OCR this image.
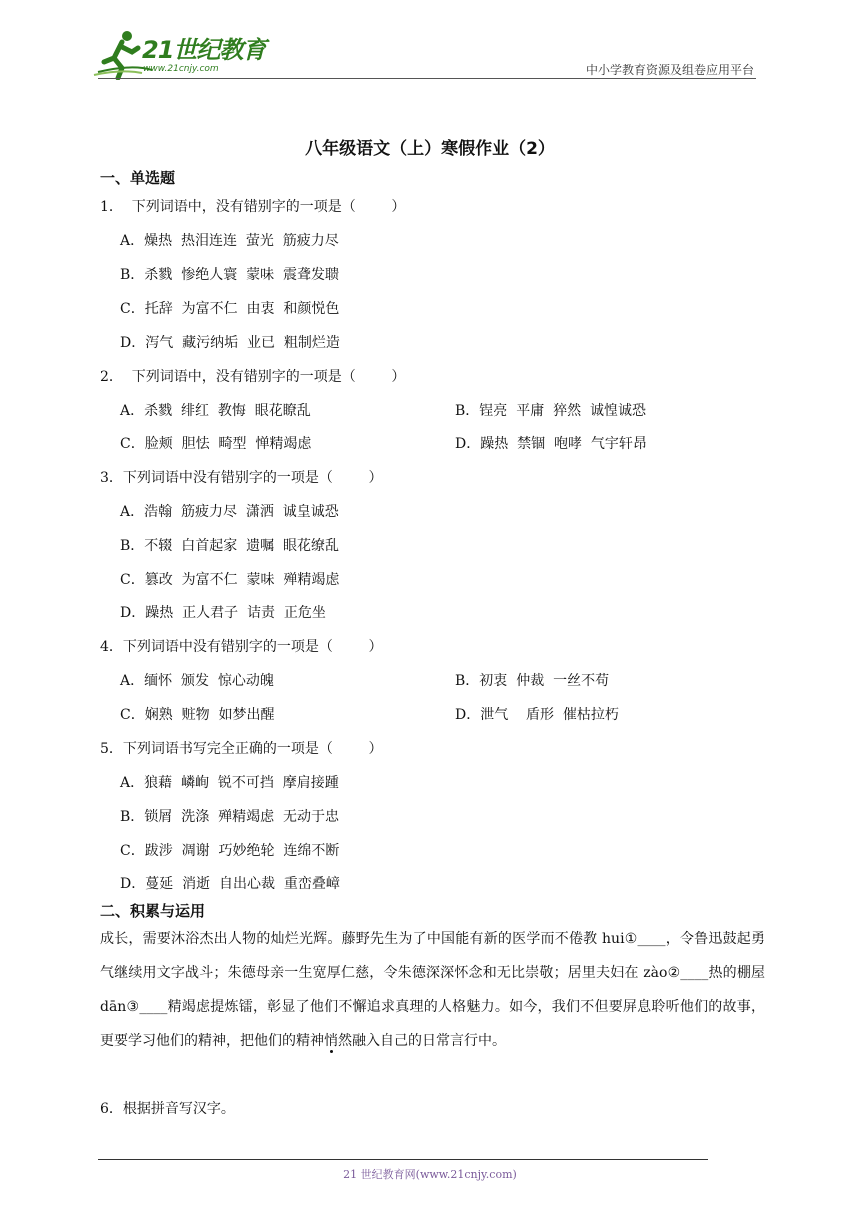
21世纪教育
www.21cnjy.com	中小学教育资源及组卷应用平台
八年级语文（上）寒假作业（2）
一、单选题
1．  下列词语中，没有错别字的一项是（        ）
A．燥热  热泪连连  萤光  筋疲力尽
B．杀戮  惨绝人寰  蒙味  震聋发聩
C．托辞  为富不仁  由衷  和颜悦色
D．泻气  藏污纳垢  业已  粗制烂造
2．  下列词语中，没有错别字的一项是（        ）
A．杀戮  绯红  教悔  眼花瞭乱	B．锃亮  平庸  猝然  诚惶诚恐
C．脸颊  胆怯  畸型  惮精竭虑	D．躁热  禁锢  咆哮  气宇轩昂
3．下列词语中没有错别字的一项是（        ）
A．浩翰  筋疲力尽  潇洒  诚皇诚恐
B．不辍  白首起家  遗嘱  眼花缭乱
C．篡改  为富不仁  蒙味  殚精竭虑
D．躁热  正人君子  诘责  正危坐
4．下列词语中没有错别字的一项是（        ）
A．缅怀  颁发  惊心动魄	B．初衷  仲裁  一丝不苟
C．娴熟  赃物  如梦出醒	D．泄气    盾形  催枯拉朽
5．下列词语书写完全正确的一项是（        ）
A．狼藉  嶙峋  锐不可挡  摩肩接踵
B．锁屑  洗涤  殚精竭虑  无动于忠
C．跋涉  凋谢  巧妙绝轮  连绵不断
D．蔓延  消逝  自出心裁  重峦叠嶂
二、积累与运用
成长，需要沐浴杰出人物的灿烂光辉。藤野先生为了中国能有新的医学而不倦教 hui①____，令鲁迅鼓起勇气继续用文字战斗；朱德母亲一生宽厚仁慈，令朱德深深怀念和无比崇敬；居里夫妇在 zào②____热的棚屋 dān③____精竭虑提炼镭，彰显了他们不懈追求真理的人格魅力。如今，我们不但要屏息聆听他们的故事，更要学习他们的精神，把他们的精神悄然融入自己的日常言行中。
6．根据拼音写汉字。
21 世纪教育网(www.21cnjy.com)
